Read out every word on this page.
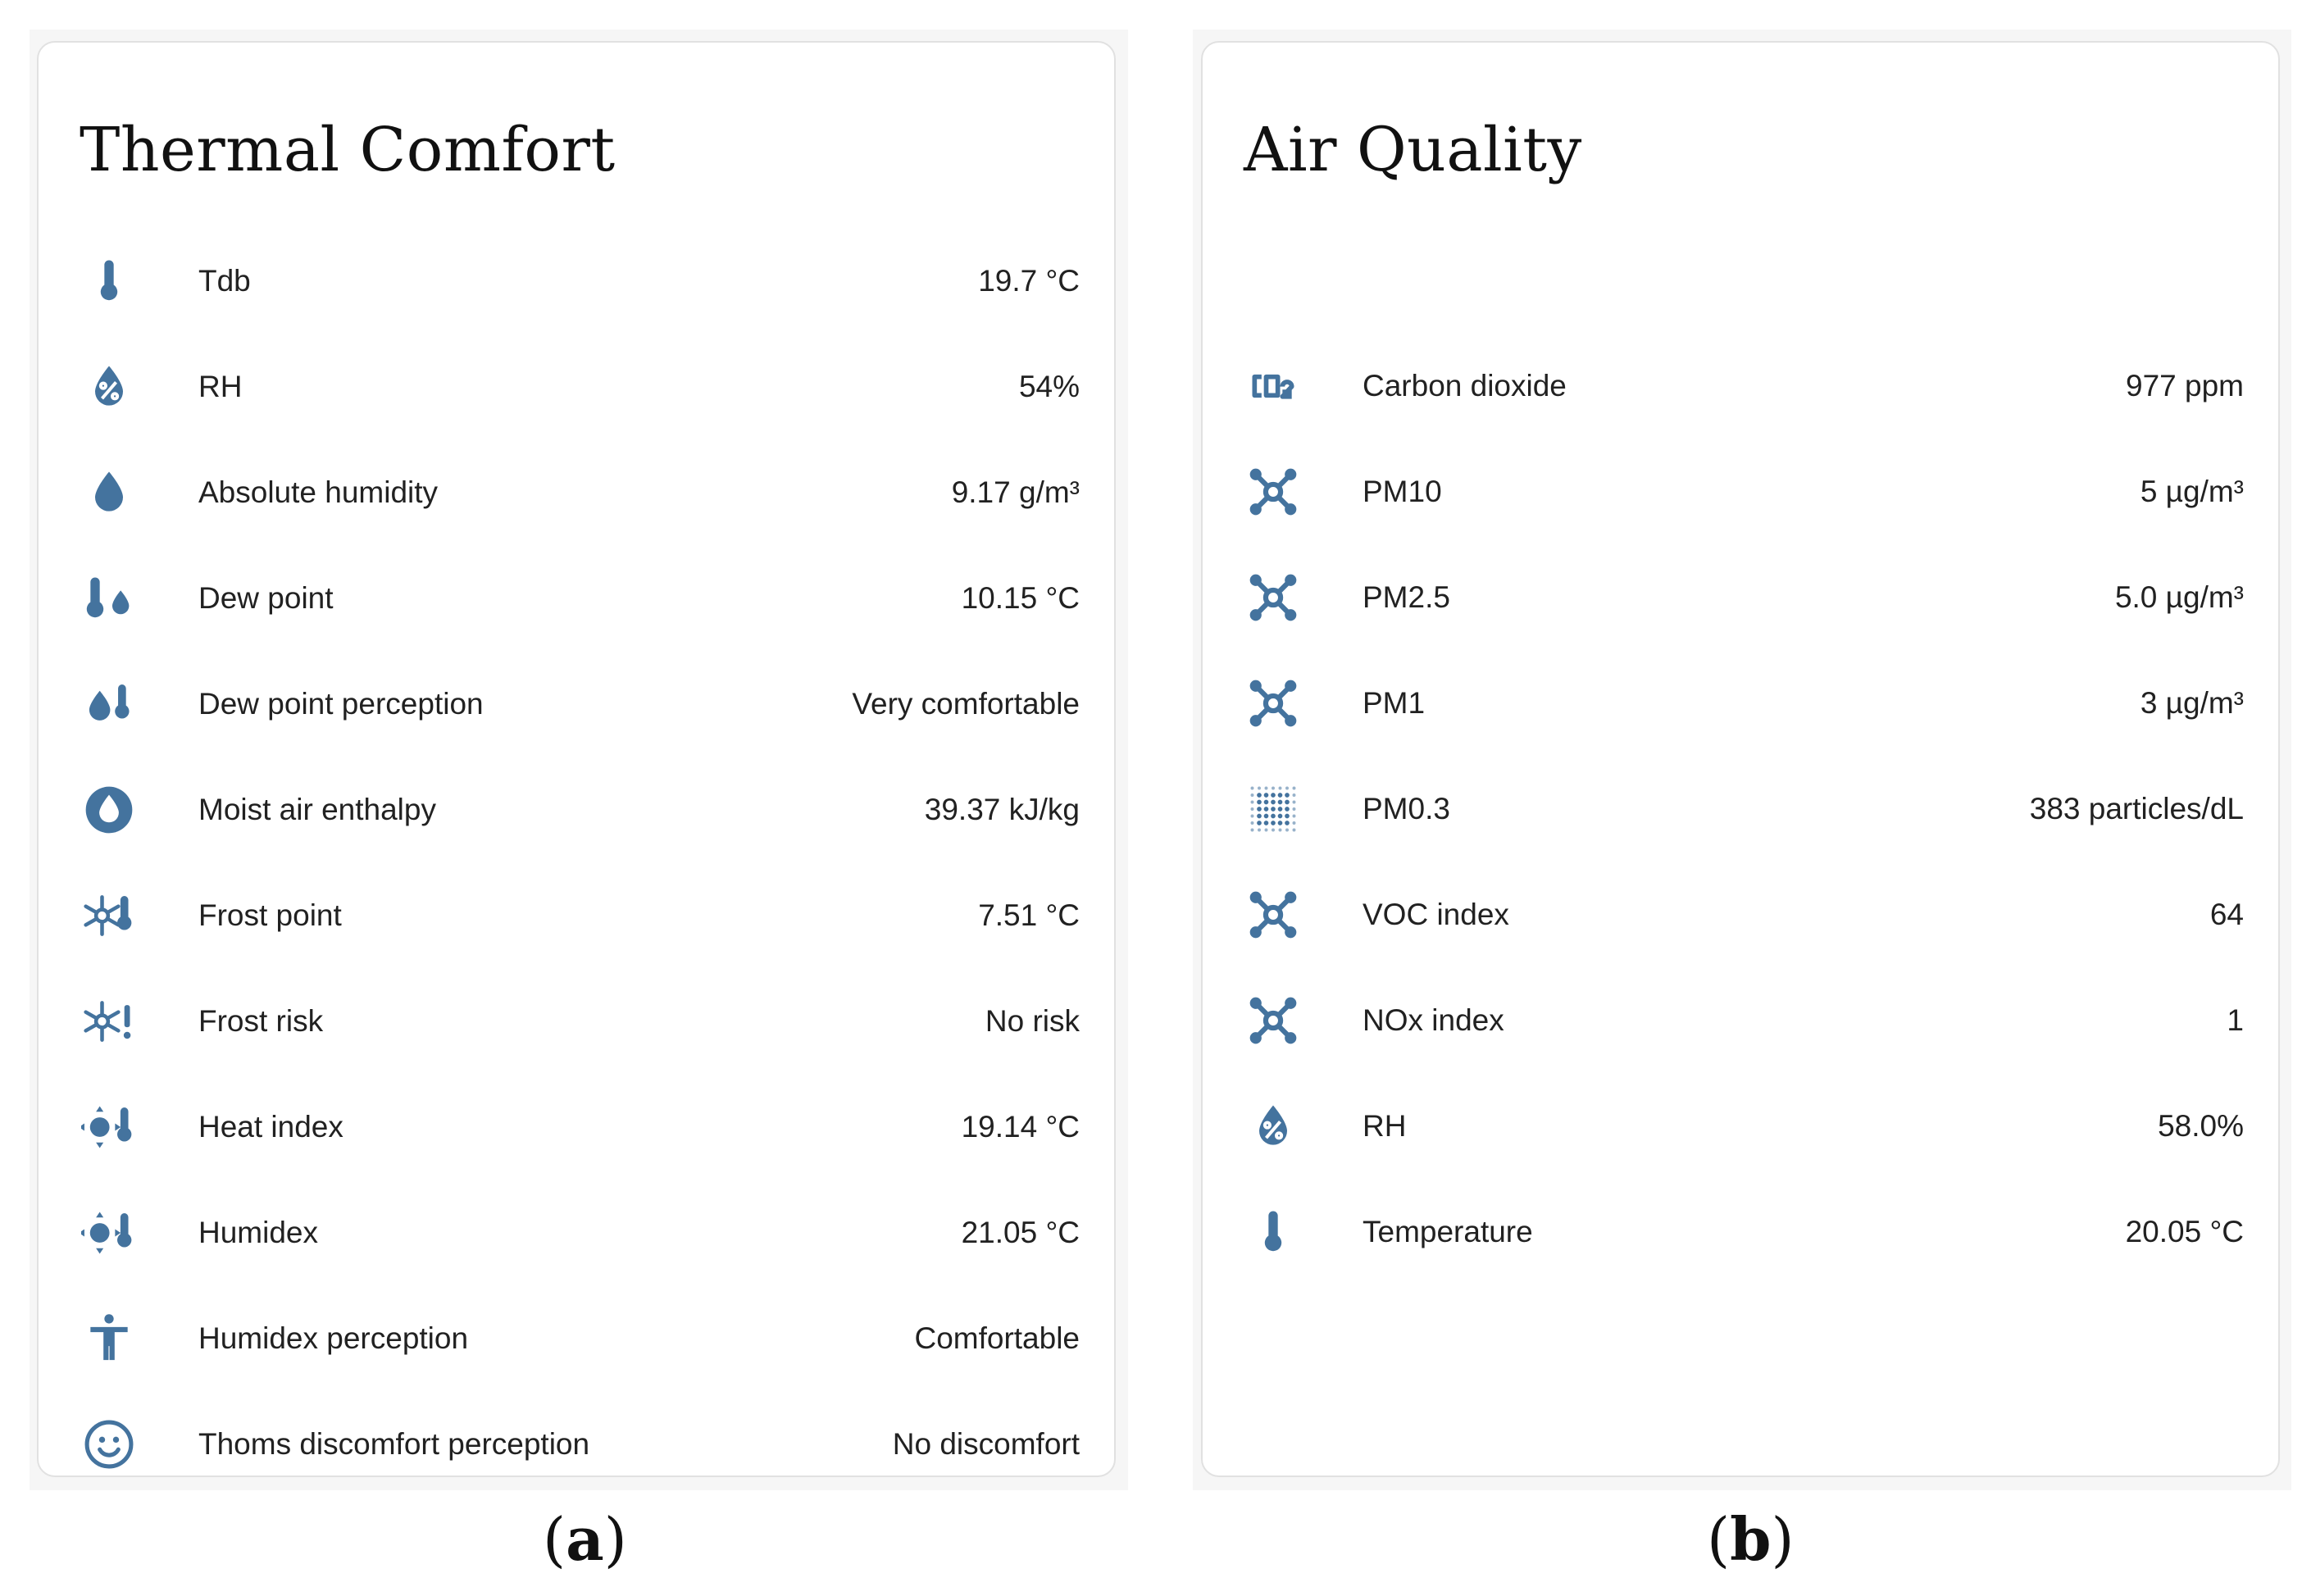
Thermal Comfort
Tdb	19.7 °C
RH	54%
Absolute humidity	9.17 g/m³
Dew point	10.15 °C
Dew point perception	Very comfortable
Moist air enthalpy	39.37 kJ/kg
Frost point	7.51 °C
Frost risk	No risk
Heat index	19.14 °C
Humidex	21.05 °C
Humidex perception	Comfortable
Thoms discomfort perception	No discomfort
Air Quality
Carbon dioxide	977 ppm
PM10	5 µg/m³
PM2.5	5.0 µg/m³
PM1	3 µg/m³
PM0.3	383 particles/dL
VOC index	64
NOx index	1
RH	58.0%
Temperature	20.05 °C
(a)	(b)
